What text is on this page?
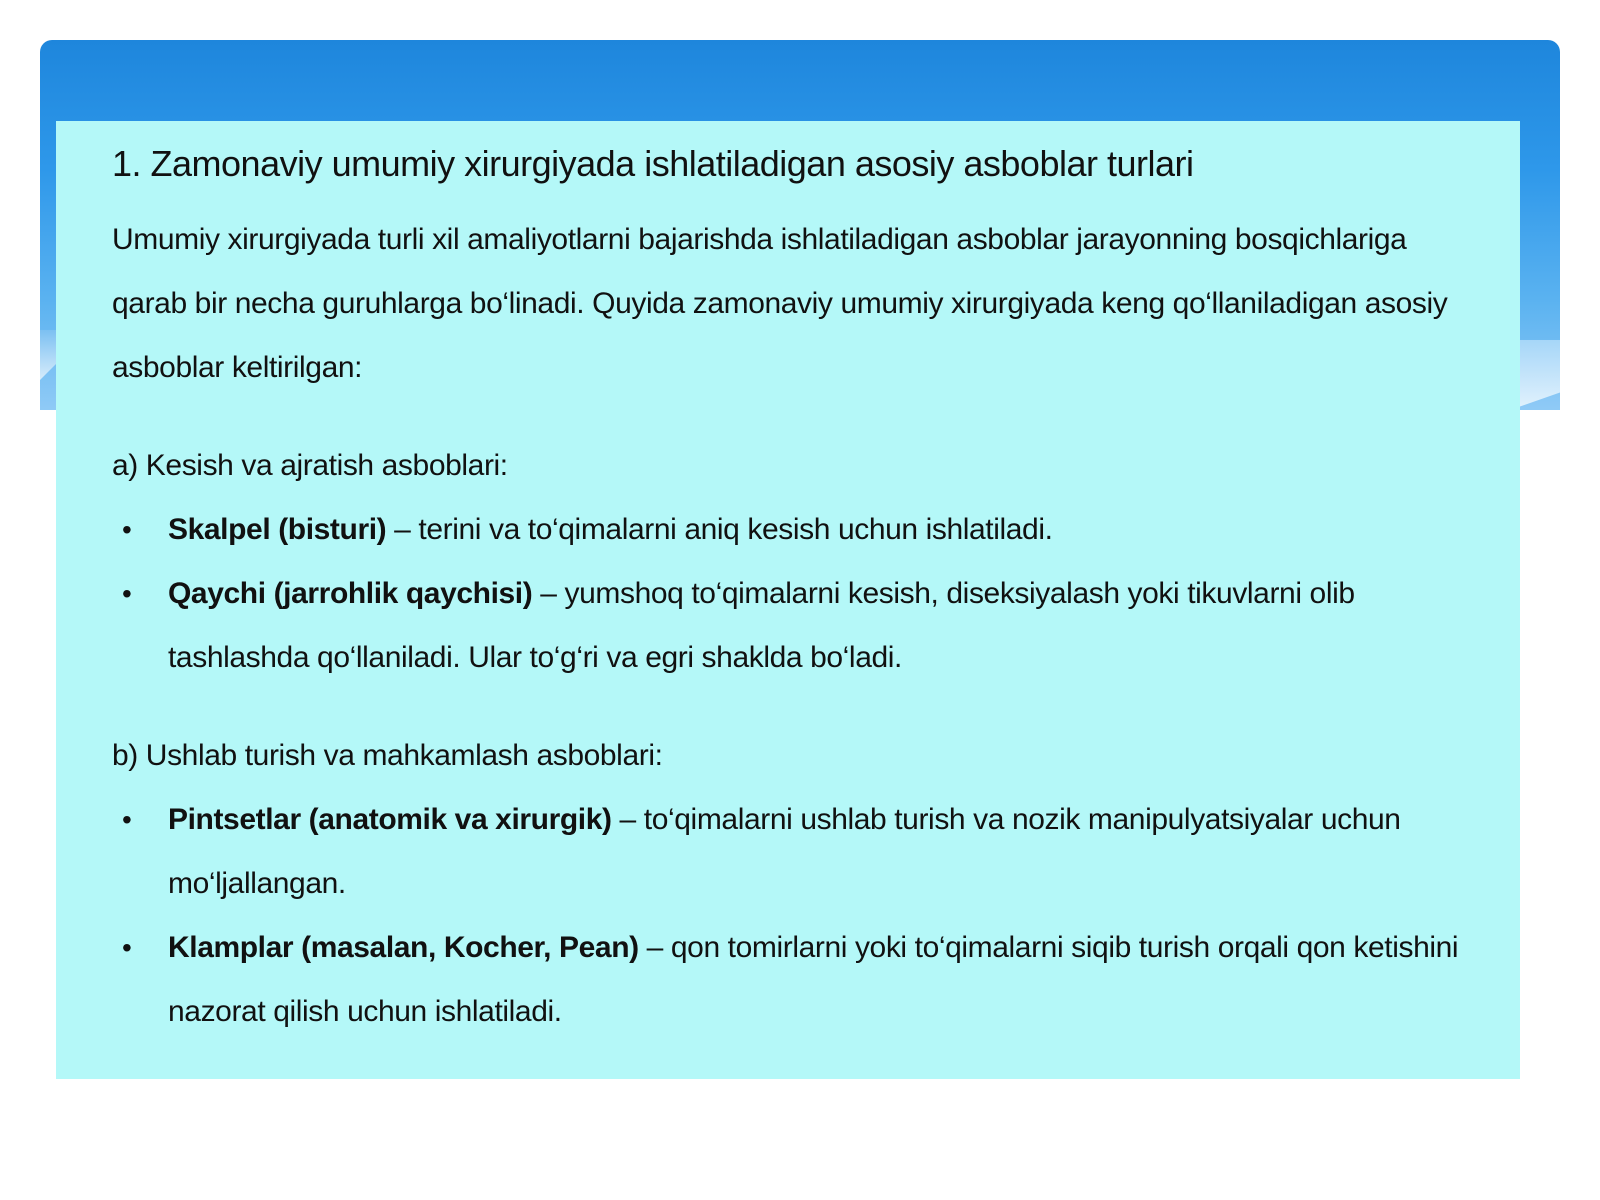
1. Zamonaviy umumiy xirurgiyada ishlatiladigan asosiy asboblar turlari

Umumiy xirurgiyada turli xil amaliyotlarni bajarishda ishlatiladigan asboblar jarayonning bosqichlariga qarab bir necha guruhlarga bo‘linadi. Quyida zamonaviy umumiy xirurgiyada keng qo‘llaniladigan asosiy asboblar keltirilgan:

a) Kesish va ajratish asboblari:
• Skalpel (bisturi) – terini va to‘qimalarni aniq kesish uchun ishlatiladi.
• Qaychi (jarrohlik qaychisi) – yumshoq to‘qimalarni kesish, diseksiyalash yoki tikuvlarni olib tashlashda qo‘llaniladi. Ular to‘g‘ri va egri shaklda bo‘ladi.
b) Ushlab turish va mahkamlash asboblari:
• Pintsetlar (anatomik va xirurgik) – to‘qimalarni ushlab turish va nozik manipulyatsiyalar uchun mo‘ljallangan.
• Klamplar (masalan, Kocher, Pean) – qon tomirlarni yoki to‘qimalarni siqib turish orqali qon ketishini nazorat qilish uchun ishlatiladi.
